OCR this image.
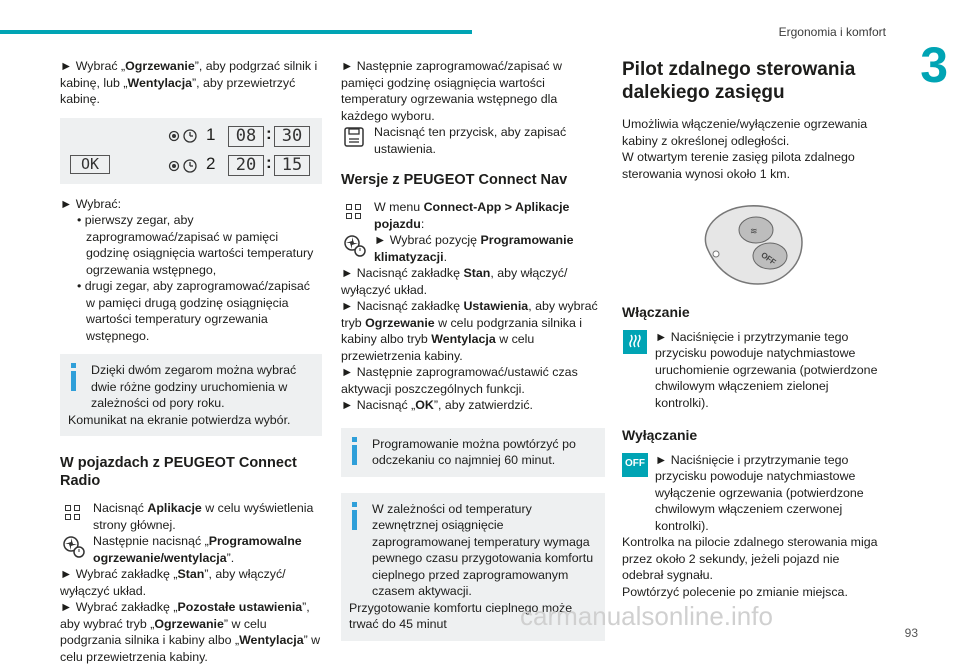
Ergonomia i komfort
3

► Wybrać „Ogrzewanie”, aby podgrzać silnik i kabinę, lub „Wentylacja”, aby przewietrzyć kabinę.

1	08 : 30
OK	2	20 : 15

► Wybrać:

• pierwszy zegar, aby zaprogramować/zapisać w pamięci godzinę osiągnięcia wartości temperatury ogrzewania wstępnego,

• drugi zegar, aby zaprogramować/zapisać w pamięci drugą godzinę osiągnięcia wartości temperatury ogrzewania wstępnego.

Dzięki dwóm zegarom można wybrać dwie różne godziny uruchomienia w zależności od pory roku.

Komunikat na ekranie potwierdza wybór.

W pojazdach z PEUGEOT Connect Radio

Nacisnąć Aplikacje w celu wyświetlenia strony głównej.

Następnie nacisnąć „Programowalne ogrzewanie/wentylacja”.

► Wybrać zakładkę „Stan”, aby włączyć/ wyłączyć układ.

► Wybrać zakładkę „Pozostałe ustawienia”, aby wybrać tryb „Ogrzewanie” w celu podgrzania silnika i kabiny albo „Wentylacja” w celu przewietrzenia kabiny.

► Następnie zaprogramować/zapisać w pamięci godzinę osiągnięcia wartości temperatury ogrzewania wstępnego dla każdego wyboru.

Nacisnąć ten przycisk, aby zapisać ustawienia.

Wersje z PEUGEOT Connect Nav

W menu Connect-App > Aplikacje pojazdu:

► Wybrać pozycję Programowanie klimatyzacji.

► Nacisnąć zakładkę Stan, aby włączyć/ wyłączyć układ.

► Nacisnąć zakładkę Ustawienia, aby wybrać tryb Ogrzewanie w celu podgrzania silnika i kabiny albo tryb Wentylacja w celu przewietrzenia kabiny.

► Następnie zaprogramować/ustawić czas aktywacji poszczególnych funkcji.

► Nacisnąć „OK”, aby zatwierdzić.

Programowanie można powtórzyć po odczekaniu co najmniej 60 minut.

W zależności od temperatury zewnętrznej osiągnięcie zaprogramowanej temperatury wymaga pewnego czasu przygotowania komfortu cieplnego przed zaprogramowanym czasem aktywacji.

Przygotowanie komfortu cieplnego może trwać do 45 minut

Pilot zdalnego sterowania dalekiego zasięgu

Umożliwia włączenie/wyłączenie ogrzewania kabiny z określonej odległości.

W otwartym terenie zasięg pilota zdalnego sterowania wynosi około 1 km.

≋
OFF
Włączanie

► Naciśnięcie i przytrzymanie tego przycisku powoduje natychmiastowe uruchomienie ogrzewania (potwierdzone chwilowym włączeniem zielonej kontrolki).

Wyłączanie
OFF ► Naciśnięcie i przytrzymanie tego przycisku powoduje natychmiastowe wyłączenie ogrzewania (potwierdzone chwilowym włączeniem czerwonej kontrolki).

Kontrolka na pilocie zdalnego sterowania miga przez około 2 sekundy, jeżeli pojazd nie odebrał sygnału.

Powtórzyć polecenie po zmianie miejsca.

carmanualsonline.info
93
